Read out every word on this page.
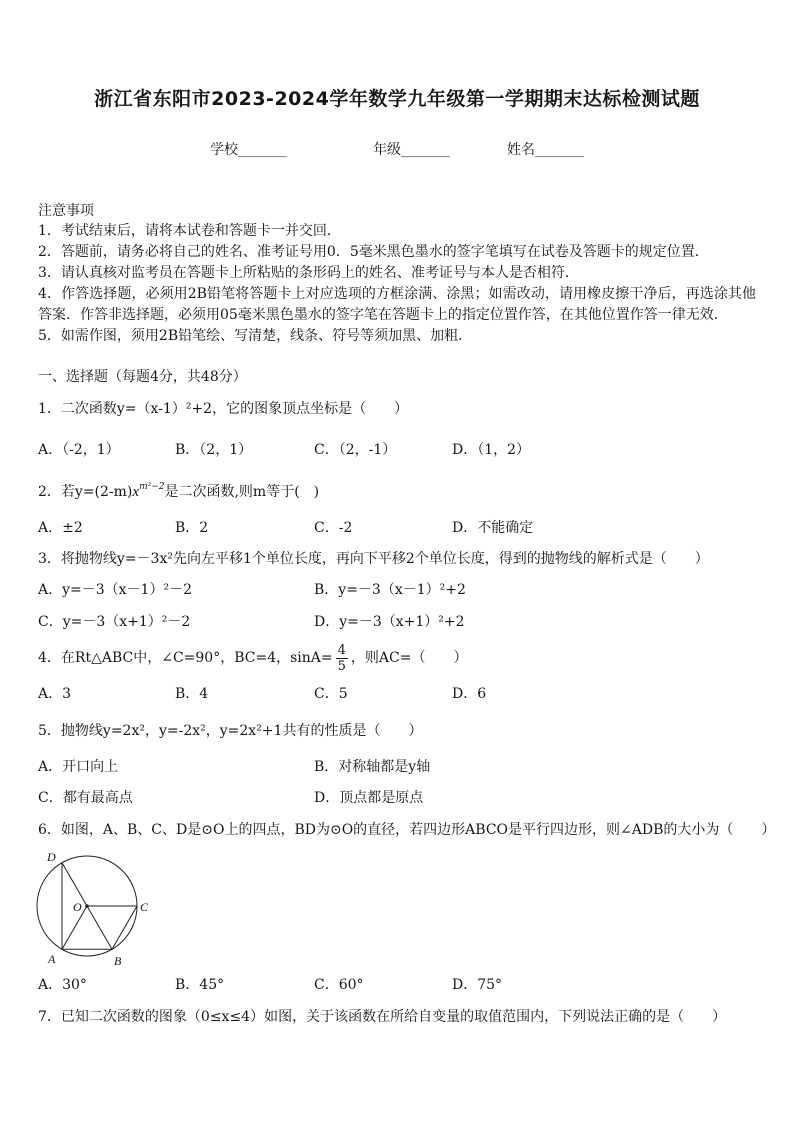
浙江省东阳市2023-2024学年数学九年级第一学期期末达标检测试题
学校_______	年级_______	姓名_______
注意事项
1．考试结束后，请将本试卷和答题卡一并交回．
2．答题前，请务必将自己的姓名、准考证号用0．5毫米黑色墨水的签字笔填写在试卷及答题卡的规定位置．
3．请认真核对监考员在答题卡上所粘贴的条形码上的姓名、准考证号与本人是否相符．
4．作答选择题，必须用2B铅笔将答题卡上对应选项的方框涂满、涂黑；如需改动，请用橡皮擦干净后，再选涂其他答案．作答非选择题，必须用05毫米黑色墨水的签字笔在答题卡上的指定位置作答，在其他位置作答一律无效．
5．如需作图，须用2B铅笔绘、写清楚，线条、符号等须加黑、加粗．
一、选择题（每题4分，共48分）
1．二次函数y=（x-1）²+2，它的图象顶点坐标是（　　）
A．（-2，1）	B．（2，1）	C．（2，-1）	D．（1，2）
2．若$y=(2-m)x^{m^2-2}$是二次函数,则m等于(　)
A．±2	B．2	C．-2	D．不能确定
3．将抛物线y=－3x²先向左平移1个单位长度，再向下平移2个单位长度，得到的抛物线的解析式是（　　）
A．y=－3（x－1）²－2	B．y=－3（x－1）²+2
C．y=－3（x+1）²－2	D．y=－3（x+1）²+2
4．在Rt△ABC中，∠C=90°，BC=4，$\sin A= \frac{4}{5}$ ，则AC=（　　）
A．3	B．4	C．5	D．6
5．抛物线y=2x²，y=-2x²，y=2x²+1共有的性质是（　　）
A．开口向上	B．对称轴都是y轴
C．都有最高点	D．顶点都是原点
6．如图，A、B、C、D是⊙O上的四点，BD为⊙O的直径，若四边形ABCO是平行四边形，则∠ADB的大小为（　　）
D
O	C
A	B
A．30°	B．45°	C．60°	D．75°
7．已知二次函数的图象（0≤x≤4）如图，关于该函数在所给自变量的取值范围内，下列说法正确的是（　　）
